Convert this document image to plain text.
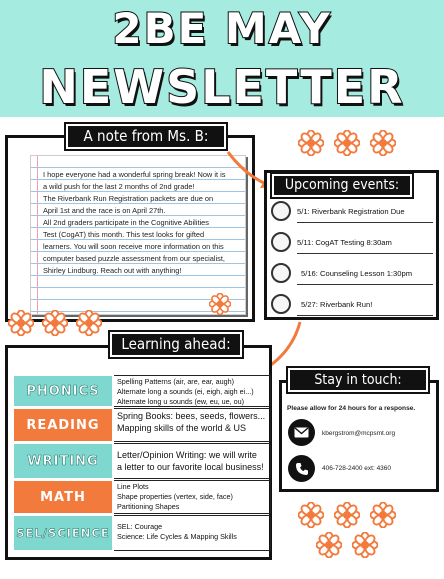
2BE MAY
NEWSLETTER
I hope everyone had a wonderful spring break! Now it is
a wild push for the last 2 months of 2nd grade!
The Riverbank Run Registration packets are due on
April 1st and the race is on April 27th.
All 2nd graders participate in the Cognitive Abilities
Test (CogAT) this month. This test looks for gifted
learners. You will soon receive more information on this
computer based puzzle assessment from our specialist,
Shirley Lindburg. Reach out with anything!
A note from Ms. B:
5/1: Riverbank Registration Due
5/11: CogAT Testing 8:30am
5/16: Counseling Lesson 1:30pm
5/27: Riverbank Run!
Upcoming events:
PHONICS
Spelling Patterns (air, are, ear, augh)
Alternate long a sounds (ei, eigh, aigh ei...)
Alternate long u sounds (ew, eu, ue, ou)
READING
Spring Books: bees, seeds, flowers...
Mapping skills of the world & US
WRITING	Letter/Opinion Writing: we will write
a letter to our favorite local business!
MATH
Line Plots
Shape properties (vertex, side, face)
Partitioning Shapes
SEL/SCIENCE	SEL: Courage
Science: Life Cycles & Mapping Skills
Learning ahead:
Please allow for 24 hours for a response.
kbergstrom@mcpsmt.org
406-728-2400 ext: 4360
Stay in touch:
